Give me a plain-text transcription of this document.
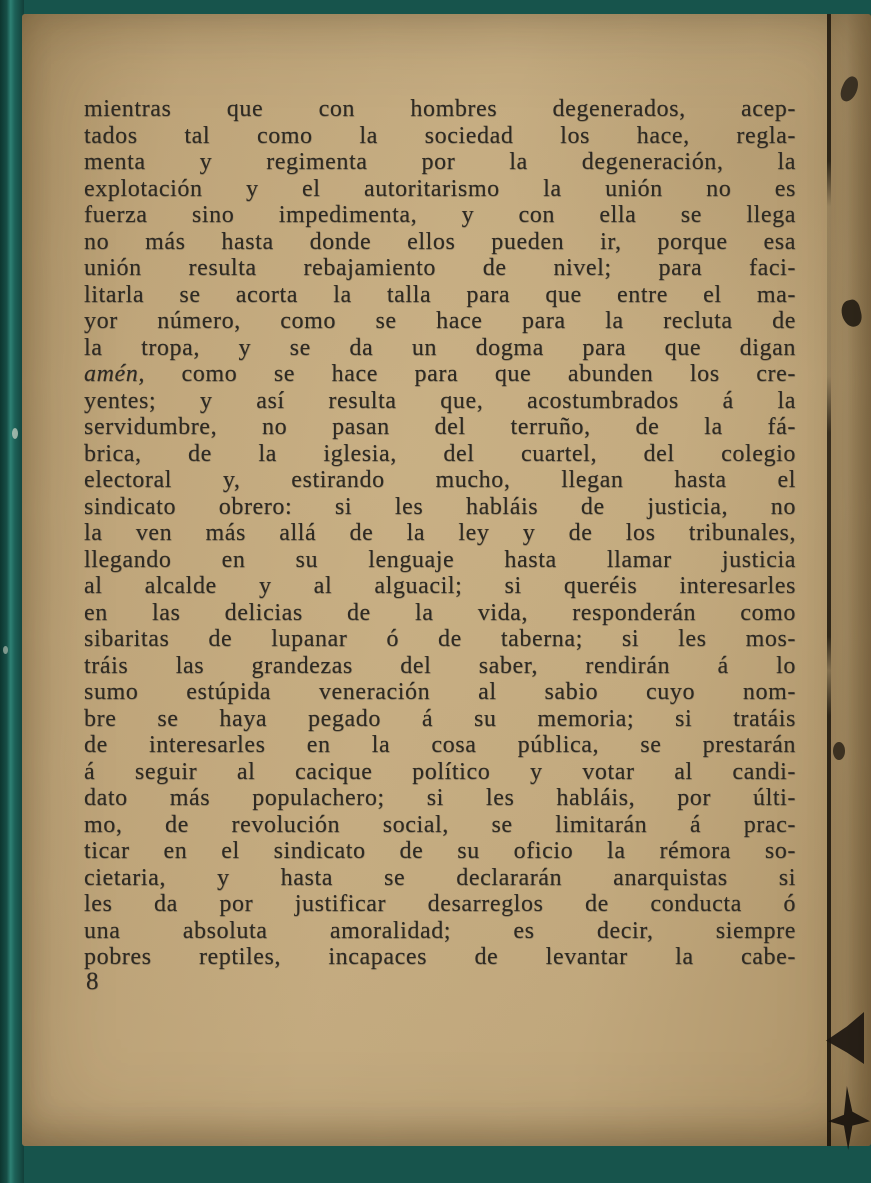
mientras que con hombres degenerados, acep-
tados tal como la sociedad los hace, regla-
menta y regimenta por la degeneración, la
explotación y el autoritarismo la unión no es
fuerza sino impedimenta, y con ella se llega
no más hasta donde ellos pueden ir, porque esa
unión resulta rebajamiento de nivel; para faci-
litarla se acorta la talla para que entre el ma-
yor número, como se hace para la recluta de
la tropa, y se da un dogma para que digan
amén, como se hace para que abunden los cre-
yentes; y así resulta que, acostumbrados á la
servidumbre, no pasan del terruño, de la fá-
brica, de la iglesia, del cuartel, del colegio
electoral y, estirando mucho, llegan hasta el
sindicato obrero: si les habláis de justicia, no
la ven más allá de la ley y de los tribunales,
llegando en su lenguaje hasta llamar justicia
al alcalde y al alguacil; si queréis interesarles
en las delicias de la vida, responderán como
sibaritas de lupanar ó de taberna; si les mos-
tráis las grandezas del saber, rendirán á lo
sumo estúpida veneración al sabio cuyo nom-
bre se haya pegado á su memoria; si tratáis
de interesarles en la cosa pública, se prestarán
á seguir al cacique político y votar al candi-
dato más populachero; si les habláis, por últi-
mo, de revolución social, se limitarán á prac-
ticar en el sindicato de su oficio la rémora so-
cietaria, y hasta se declararán anarquistas si
les da por justificar desarreglos de conducta ó
una absoluta amoralidad; es decir, siempre
pobres reptiles, incapaces de levantar la cabe-
8
